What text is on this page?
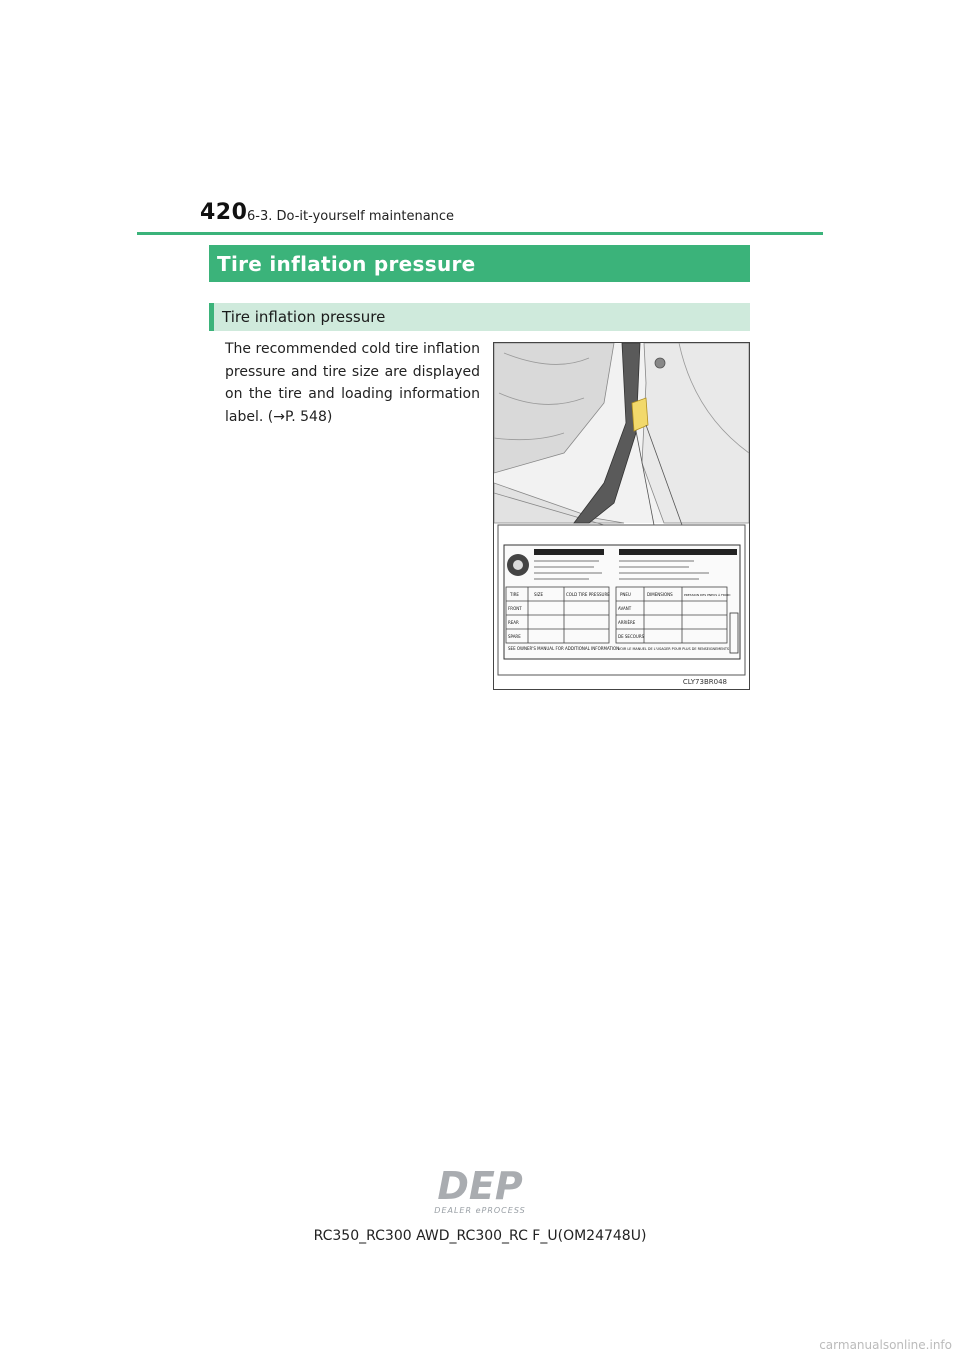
420 6-3. Do-it-yourself maintenance
Tire inflation pressure
Tire inflation pressure
The recommended cold tire inflation pressure and tire size are displayed on the tire and loading information label. (→P. 548)
TIRE	SIZE	COLD TIRE PRESSURE
FRONT
REAR
SPARE
PNEU	DIMENSIONS	PRESSION DES PNEUS À FROID
AVANT
ARRIÈRE
DE SECOURS
SEE OWNER'S MANUAL FOR ADDITIONAL INFORMATION
VOIR LE MANUEL DE L'USAGER POUR PLUS DE RENSEIGNEMENTS
CLY73BR048
DEP
DEALER ePROCESS
RC350_RC300 AWD_RC300_RC F_U(OM24748U)
carmanualsonline.info
